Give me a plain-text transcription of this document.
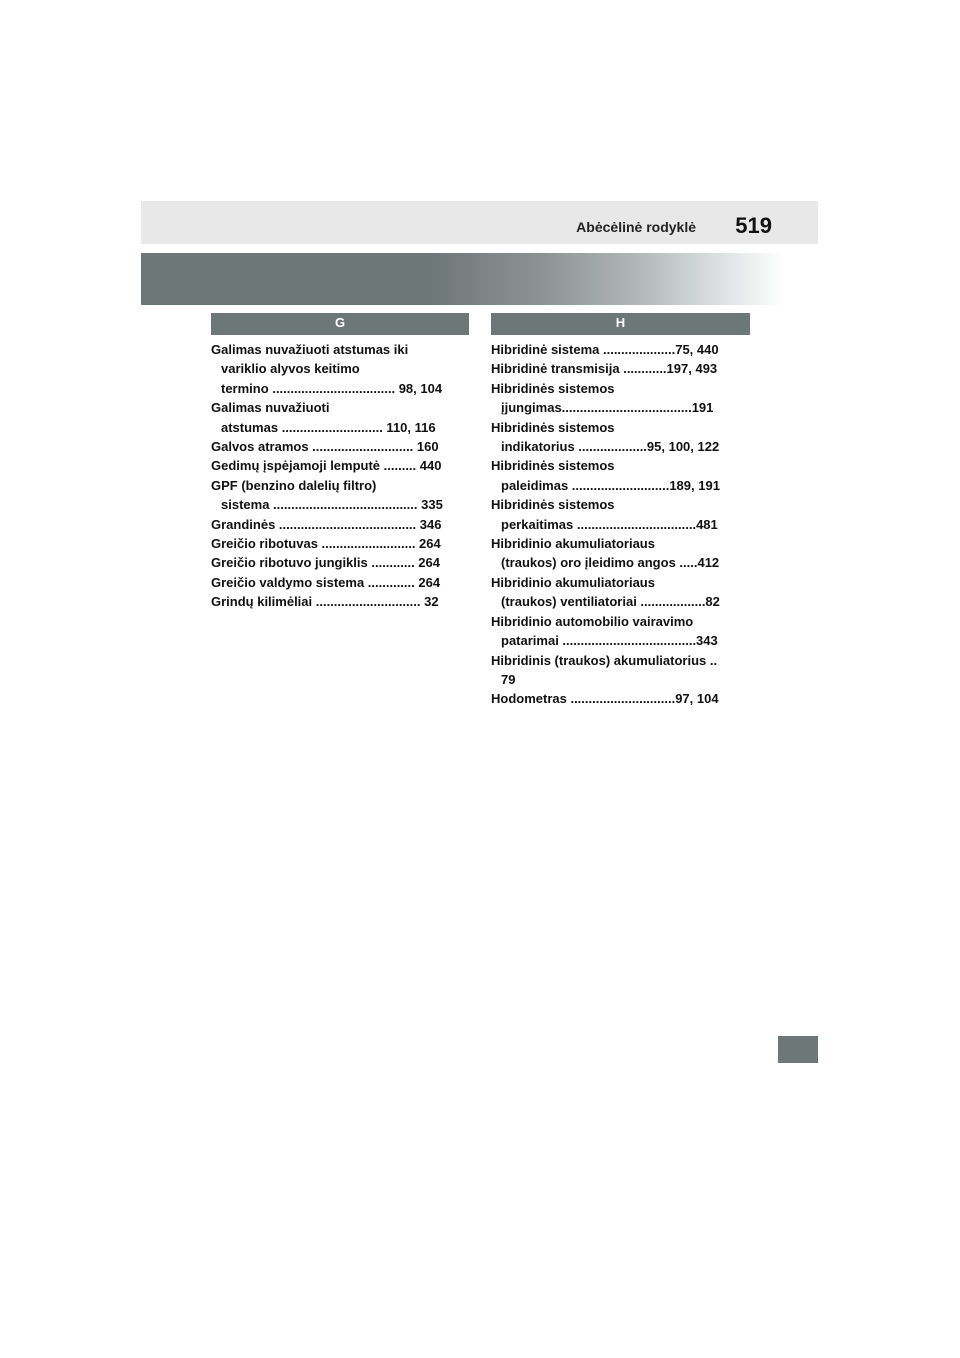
Abėcėlinė rodyklė 519
G	H
Galimas nuvažiuoti atstumas iki
variklio alyvos keitimo
termino .................................. 98, 104
Galimas nuvažiuoti
atstumas ............................ 110, 116
Galvos atramos ............................ 160
Gedimų įspėjamoji lemputė ......... 440
GPF (benzino dalelių filtro)
sistema ........................................ 335
Grandinės ...................................... 346
Greičio ribotuvas .......................... 264
Greičio ribotuvo jungiklis ............ 264
Greičio valdymo sistema ............. 264
Grindų kilimėliai ............................. 32
Hibridinė sistema ....................75, 440
Hibridinė transmisija ............197, 493
Hibridinės sistemos
įjungimas....................................191
Hibridinės sistemos
indikatorius ...................95, 100, 122
Hibridinės sistemos
paleidimas ...........................189, 191
Hibridinės sistemos
perkaitimas .................................481
Hibridinio akumuliatoriaus
(traukos) oro įleidimo angos .....412
Hibridinio akumuliatoriaus
(traukos) ventiliatoriai ..................82
Hibridinio automobilio vairavimo
patarimai .....................................343
Hibridinis (traukos) akumuliatorius ..
79
Hodometras .............................97, 104
